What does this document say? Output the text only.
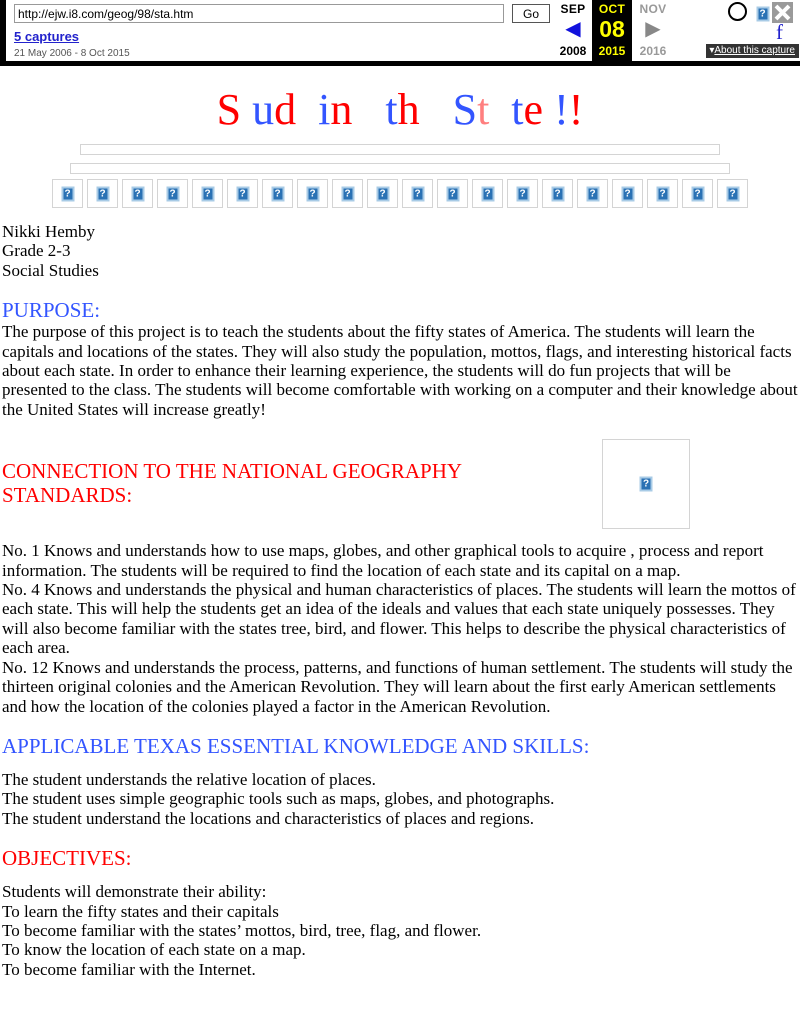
http://ejw.i8.com/geog/98/sta.htm
Go
5 captures
21 May 2006 - 8 Oct 2015
SEP
◀
2008
OCT
08
2015
NOV
▶
2016
?
f
▾About this capture
S ud in th St te !!
?	?	?	?	?	?	?	?	?	?	?	?	?	?	?	?	?	?	?	?
Nikki Hemby
Grade 2-3
Social Studies
PURPOSE:

The purpose of this project is to teach the students about the fifty states of America. The students will learn the capitals and locations of the states. They will also study the population, mottos, flags, and interesting historical facts about each state. In order to enhance their learning experience, the students will do fun projects that will be presented to the class. The students will become comfortable with working on a computer and their knowledge about the United States will increase greatly!

?
CONNECTION TO THE NATIONAL GEOGRAPHY STANDARDS:

No. 1 Knows and understands how to use maps, globes, and other graphical tools to acquire , process and report information. The students will be required to find the location of each state and its capital on a map.

No. 4 Knows and understands the physical and human characteristics of places. The students will learn the mottos of each state. This will help the students get an idea of the ideals and values that each state uniquely possesses. They will also become familiar with the states tree, bird, and flower. This helps to describe the physical characteristics of each area.

No. 12 Knows and understands the process, patterns, and functions of human settlement. The students will study the thirteen original colonies and the American Revolution. They will learn about the first early American settlements and how the location of the colonies played a factor in the American Revolution.

APPLICABLE TEXAS ESSENTIAL KNOWLEDGE AND SKILLS:
The student understands the relative location of places.
The student uses simple geographic tools such as maps, globes, and photographs.
The student understand the locations and characteristics of places and regions.
OBJECTIVES:
Students will demonstrate their ability:
To learn the fifty states and their capitals
To become familiar with the states’ mottos, bird, tree, flag, and flower.
To know the location of each state on a map.
To become familiar with the Internet.
